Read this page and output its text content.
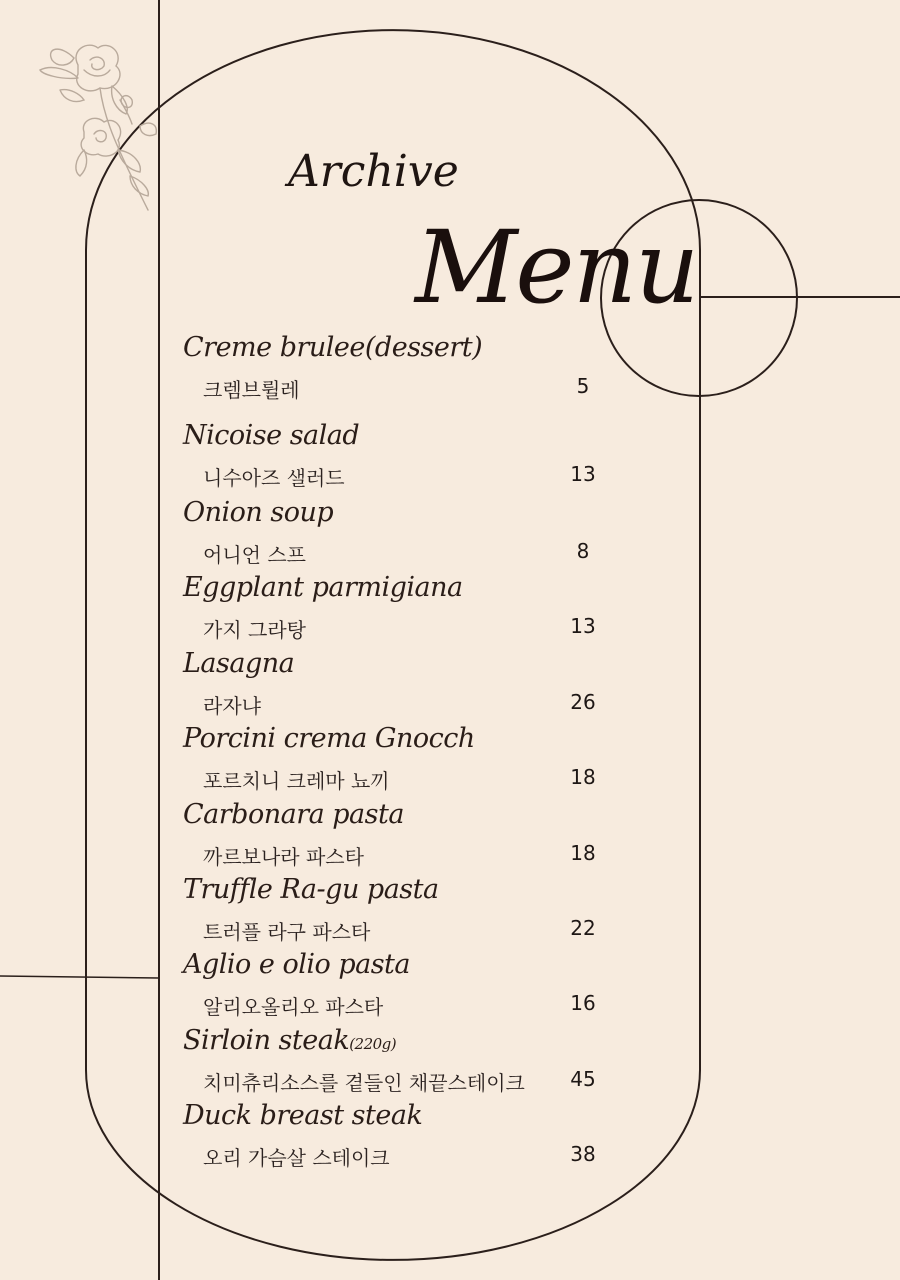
Archive
Menu
Creme brulee(dessert)
크렘브륄레	5
Nicoise salad
니수아즈 샐러드	13
Onion soup
어니언 스프	8
Eggplant parmigiana
가지 그라탕	13
Lasagna
라자냐	26
Porcini crema Gnocch
포르치니 크레마 뇨끼	18
Carbonara pasta
까르보나라 파스타	18
Truffle Ra-gu pasta
트러플 라구 파스타	22
Aglio e olio pasta
알리오올리오 파스타	16
Sirloin steak(220g)
치미츄리소스를 곁들인 채끝스테이크	45
Duck breast steak
오리 가슴살 스테이크	38
